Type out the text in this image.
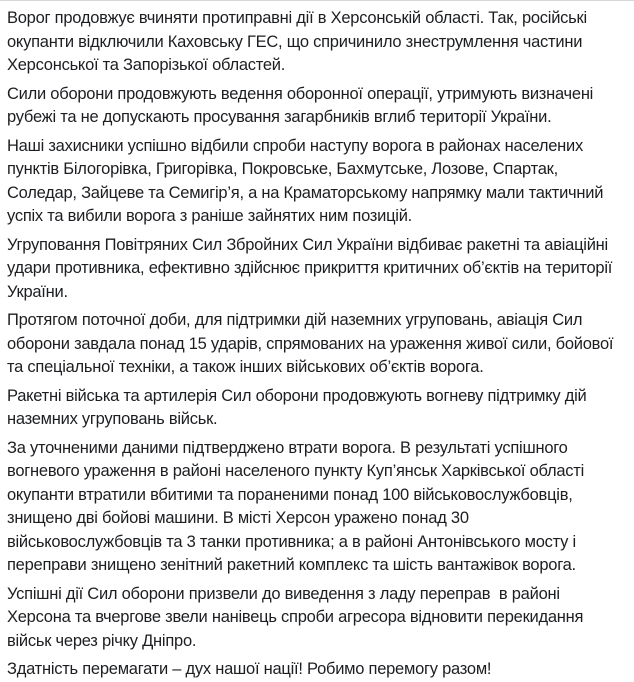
Ворог продовжує вчиняти протиправні дії в Херсонській області. Так, російські окупанти відключили Каховську ГЕС, що спричинило знеструмлення частини Херсонської та Запорізької областей.

Сили оборони продовжують ведення оборонної операції, утримують визначені рубежі та не допускають просування загарбників вглиб території України.

Наші захисники успішно відбили спроби наступу ворога в районах населених пунктів Білогорівка, Григорівка, Покровське, Бахмутське, Лозове, Спартак, Соледар, Зайцеве та Семигір’я, а на Краматорському напрямку мали тактичний успіх та вибили ворога з раніше зайнятих ним позицій.

Угруповання Повітряних Сил Збройних Сил України відбиває ракетні та авіаційні удари противника, ефективно здійснює прикриття критичних об’єктів на території України.

Протягом поточної доби, для підтримки дій наземних угруповань, авіація Сил оборони завдала понад 15 ударів, спрямованих на ураження живої сили, бойової та спеціальної техніки, а також інших військових об’єктів ворога.

Ракетні війська та артилерія Сил оборони продовжують вогневу підтримку дій наземних угруповань військ.

За уточненими даними підтверджено втрати ворога. В результаті успішного вогневого ураження в районі населеного пункту Куп’янськ Харківської області окупанти втратили вбитими та пораненими понад 100 військовослужбовців, знищено дві бойові машини. В місті Херсон уражено понад 30 військовослужбовців та 3 танки противника; а в районі Антонівського мосту і переправи знищено зенітний ракетний комплекс та шість вантажівок ворога.

Успішні дії Сил оборони призвели до виведення з ладу переправ  в районі Херсона та вчергове звели нанівець спроби агресора відновити перекидання військ через річку Дніпро.

Здатність перемагати – дух нашої нації! Робимо перемогу разом!
